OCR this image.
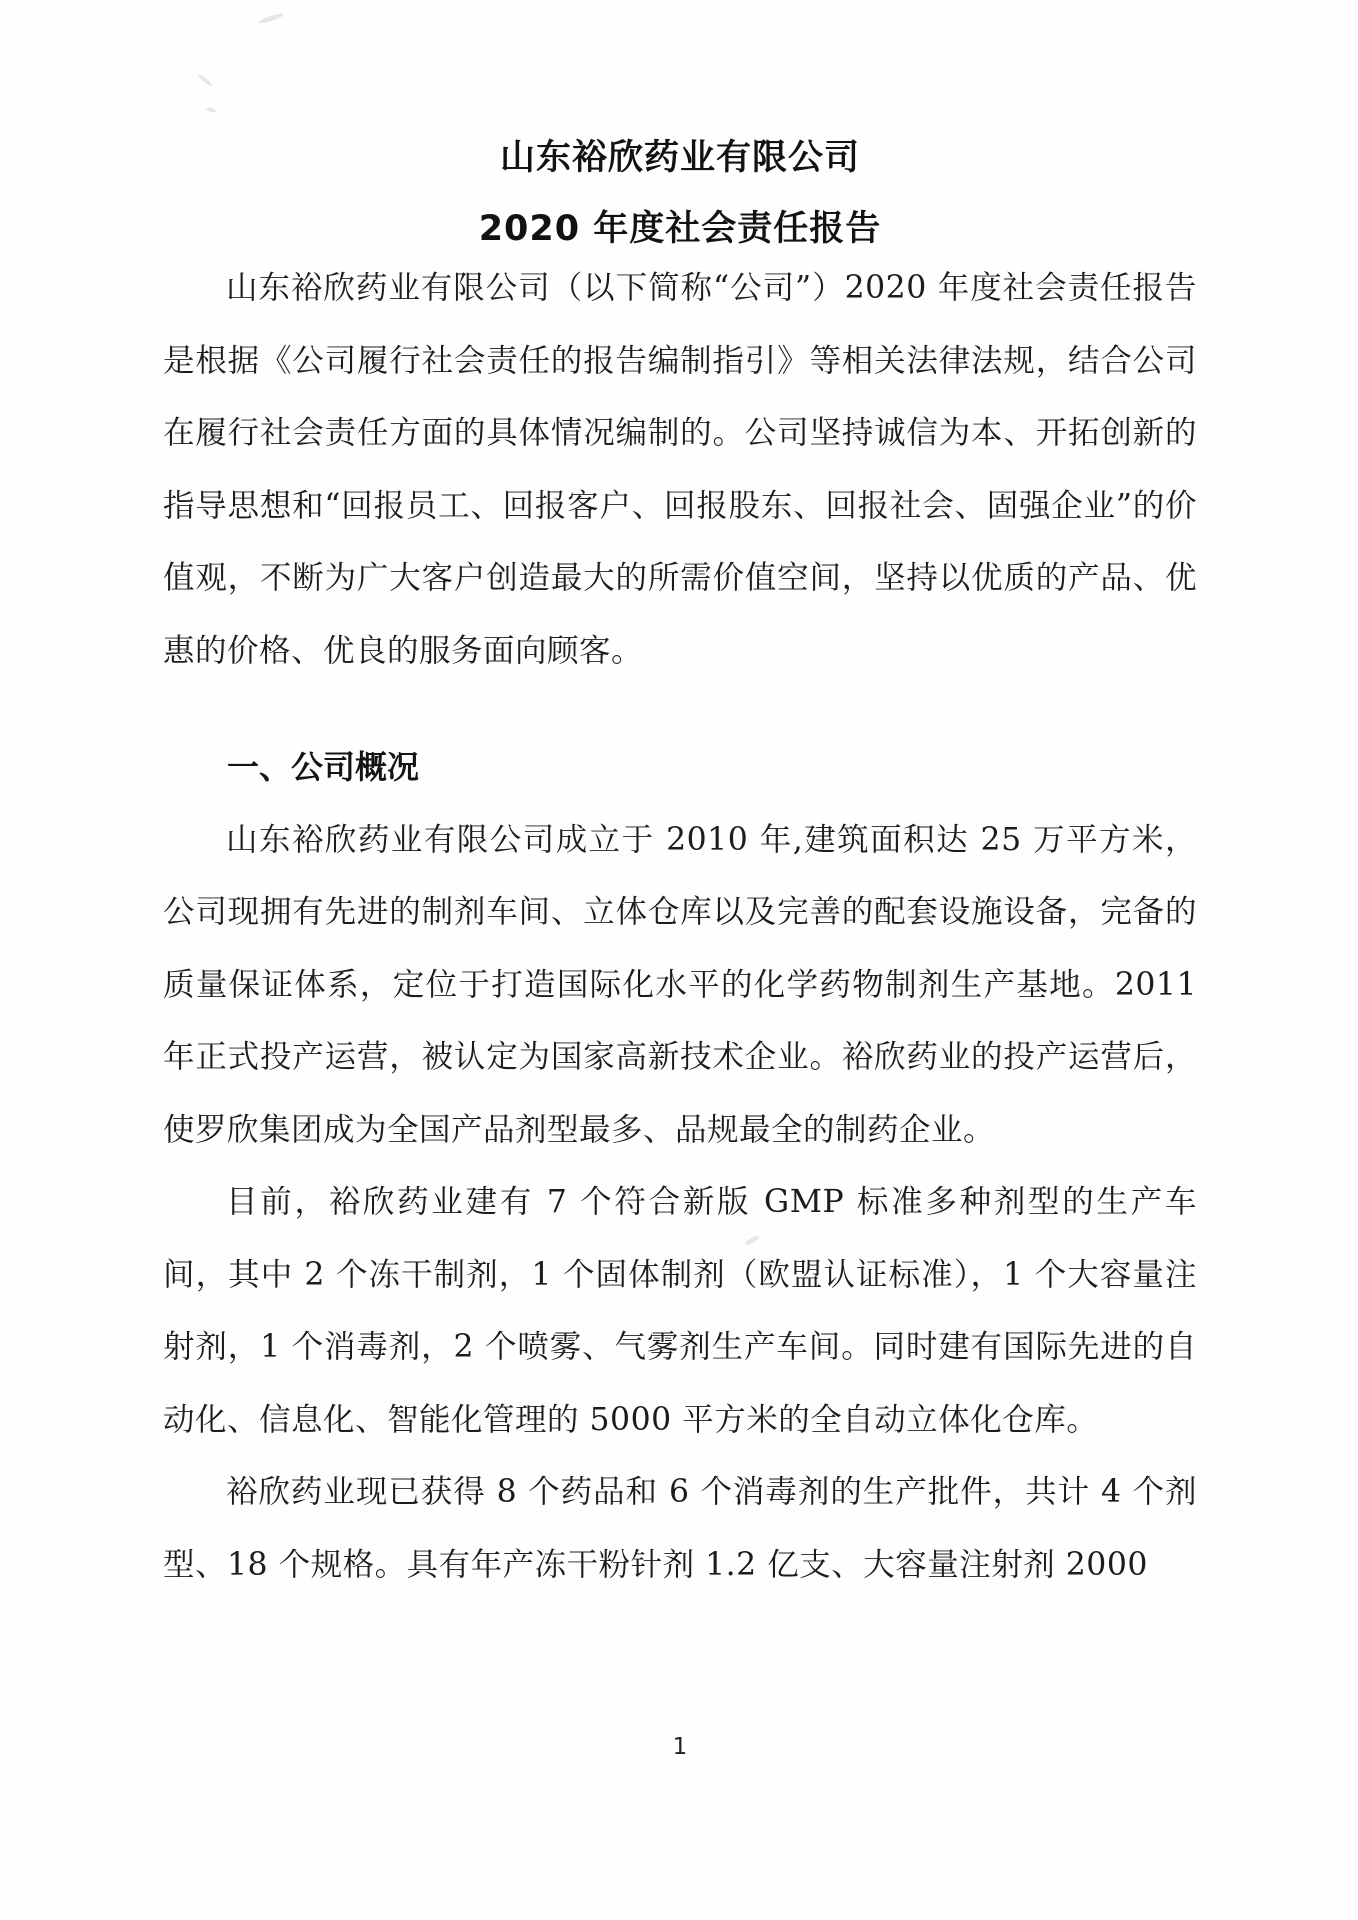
山东裕欣药业有限公司
2020 年度社会责任报告

山东裕欣药业有限公司（以下简称“公司”）2020 年度社会责任报告是根据《公司履行社会责任的报告编制指引》等相关法律法规，结合公司在履行社会责任方面的具体情况编制的。公司坚持诚信为本、开拓创新的指导思想和“回报员工、回报客户、回报股东、回报社会、固强企业”的价值观，不断为广大客户创造最大的所需价值空间，坚持以优质的产品、优惠的价格、优良的服务面向顾客。

一、公司概况

山东裕欣药业有限公司成立于 2010 年,建筑面积达 25 万平方米，公司现拥有先进的制剂车间、立体仓库以及完善的配套设施设备，完备的质量保证体系，定位于打造国际化水平的化学药物制剂生产基地。2011 年正式投产运营，被认定为国家高新技术企业。裕欣药业的投产运营后，使罗欣集团成为全国产品剂型最多、品规最全的制药企业。

目前，裕欣药业建有 7 个符合新版 GMP 标准多种剂型的生产车间，其中 2 个冻干制剂，1 个固体制剂（欧盟认证标准），1 个大容量注射剂，1 个消毒剂，2 个喷雾、气雾剂生产车间。同时建有国际先进的自动化、信息化、智能化管理的 5000 平方米的全自动立体化仓库。

裕欣药业现已获得 8 个药品和 6 个消毒剂的生产批件，共计 4 个剂型、18 个规格。具有年产冻干粉针剂 1.2 亿支、大容量注射剂 2000

1
